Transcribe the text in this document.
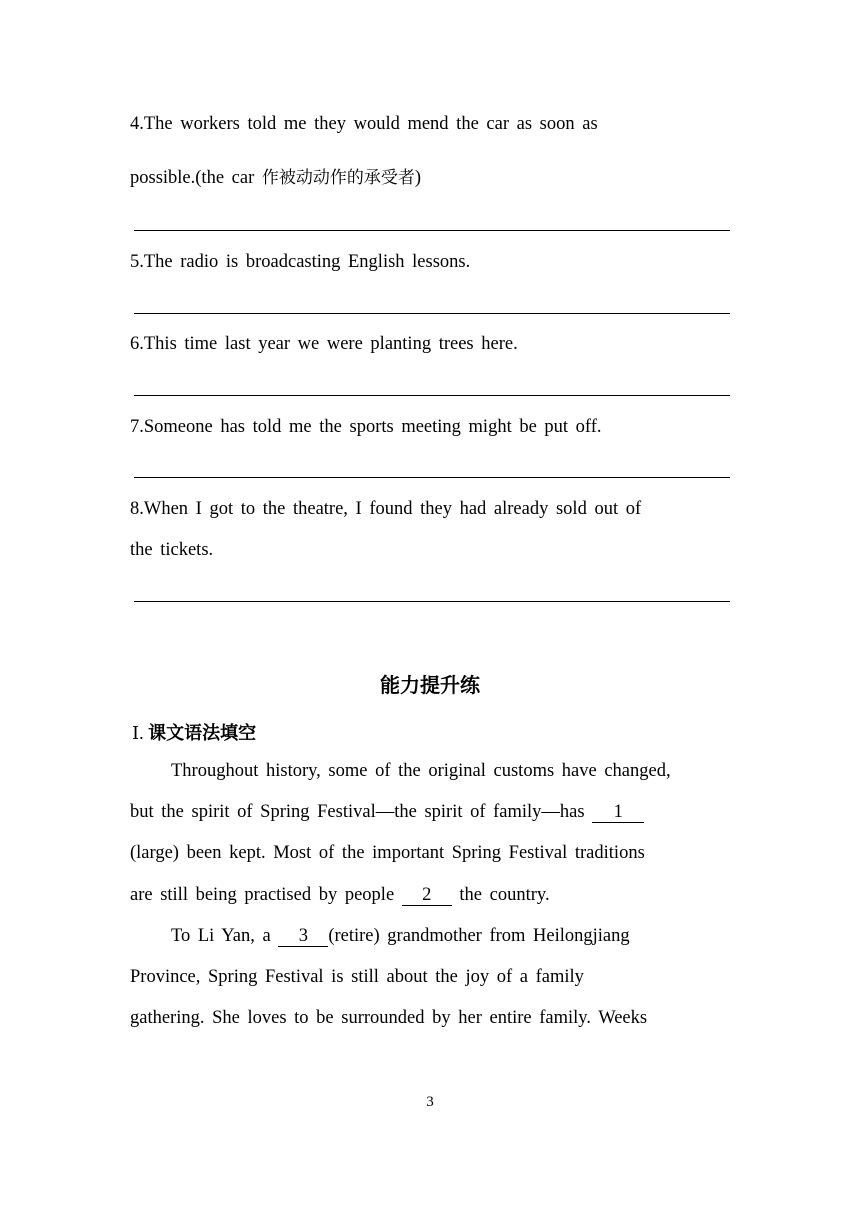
4.The workers told me they would mend the car as soon as
possible.(the car 作被动动作的承受者)
5.The radio is broadcasting English lessons.
6.This time last year we were planting trees here.
7.Someone has told me the sports meeting might be put off.
8.When I got to the theatre, I found they had already sold out of
the tickets.
能力提升练
Ⅰ. 课文语法填空
Throughout history, some of the original customs have changed,
but the spirit of Spring Festival—the spirit of family—has 1
(large) been kept. Most of the important Spring Festival traditions
are still being practised by people 2 the country.
To Li Yan, a 3 (retire) grandmother from Heilongjiang
Province, Spring Festival is still about the joy of a family
gathering. She loves to be surrounded by her entire family. Weeks
3
